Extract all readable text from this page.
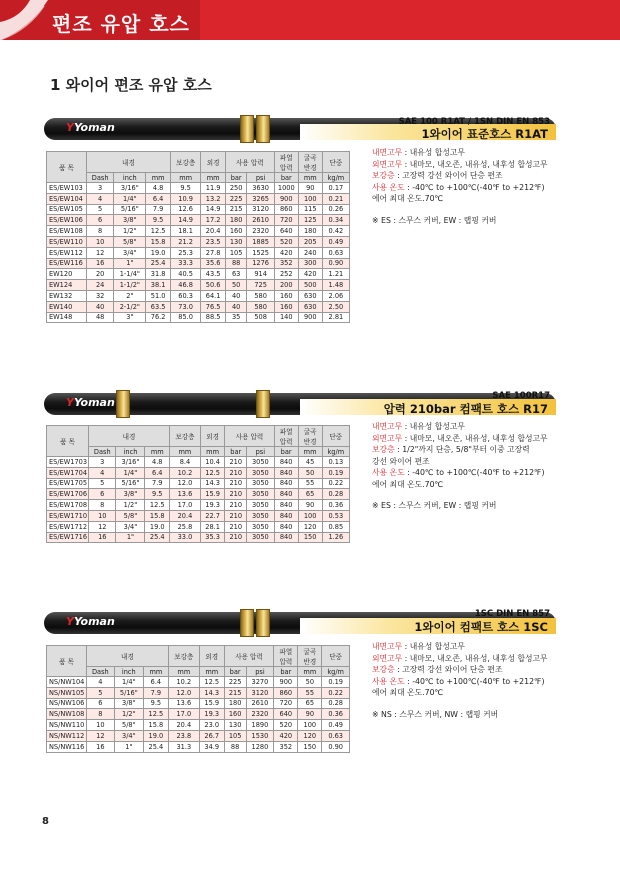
편조 유압 호스
1 와이어 편조 유압 호스
YYoman	SAE 100 R1AT / 1SN DIN EN 853
1와이어 표준호스 R1AT
품 목	내경			보강층	외경	사용 압력		파열 압력	굴곡 반경	단중
	Dash	inch	mm	mm	mm	bar	psi	bar	mm	kg/m
ES/EW103	3	3/16"	4.8	9.5	11.9	250	3630	1000	90	0.17
ES/EW104	4	1/4"	6.4	10.9	13.2	225	3265	900	100	0.21
ES/EW105	5	5/16"	7.9	12.6	14.9	215	3120	860	115	0.26
ES/EW106	6	3/8"	9.5	14.9	17.2	180	2610	720	125	0.34
ES/EW108	8	1/2"	12.5	18.1	20.4	160	2320	640	180	0.42
ES/EW110	10	5/8"	15.8	21.2	23.5	130	1885	520	205	0.49
ES/EW112	12	3/4"	19.0	25.3	27.8	105	1525	420	240	0.63
ES/EW116	16	1"	25.4	33.3	35.6	88	1276	352	300	0.90
EW120	20	1-1/4"	31.8	40.5	43.5	63	914	252	420	1.21
EW124	24	1-1/2"	38.1	46.8	50.6	50	725	200	500	1.48
EW132	32	2"	51.0	60.3	64.1	40	580	160	630	2.06
EW140	40	2-1/2"	63.5	73.0	76.5	40	580	160	630	2.50
EW148	48	3"	76.2	85.0	88.5	35	508	140	900	2.81
내면고무 : 내유성 합성고무
외면고무 : 내마모, 내오존, 내유성, 내후성 합성고무
보강층 : 고장력 강선 와이어 단층 편조
사용 온도 : -40℃ to +100℃(-40℉ to +212℉)
에어 최대 온도.70℃
※ ES : 스무스 커버, EW : 랩핑 커버
YYoman	SAE 100R17
압력 210bar 컴팩트 호스 R17
품 목	내경			보강층	외경	사용 압력		파열 압력	굴곡 반경	단중
	Dash	inch	mm	mm	mm	bar	psi	bar	mm	kg/m
ES/EW1703	3	3/16"	4.8	8.4	10.4	210	3050	840	45	0.13
ES/EW1704	4	1/4"	6.4	10.2	12.5	210	3050	840	50	0.19
ES/EW1705	5	5/16"	7.9	12.0	14.3	210	3050	840	55	0.22
ES/EW1706	6	3/8"	9.5	13.6	15.9	210	3050	840	65	0.28
ES/EW1708	8	1/2"	12.5	17.0	19.3	210	3050	840	90	0.36
ES/EW1710	10	5/8"	15.8	20.4	22.7	210	3050	840	100	0.53
ES/EW1712	12	3/4"	19.0	25.8	28.1	210	3050	840	120	0.85
ES/EW1716	16	1"	25.4	33.0	35.3	210	3050	840	150	1.26
내면고무 : 내유성 합성고무
외면고무 : 내마모, 내오존, 내유성, 내후성 합성고무
보강층 : 1/2"까지 단층, 5/8"부터 이중 고장력
강선 와이어 편조
사용 온도 : -40℃ to +100℃(-40℉ to +212℉)
에어 최대 온도.70℃
※ ES : 스무스 커버, EW : 랩핑 커버
YYoman
1SC DIN EN 857
1와이어 컴팩트 호스 1SC
품 목	내경			보강층	외경	사용 압력		파열 압력	굴곡 반경	단중
	Dash	inch	mm	mm	mm	bar	psi	bar	mm	kg/m
NS/NW104	4	1/4"	6.4	10.2	12.5	225	3270	900	50	0.19
NS/NW105	5	5/16"	7.9	12.0	14.3	215	3120	860	55	0.22
NS/NW106	6	3/8"	9.5	13.6	15.9	180	2610	720	65	0.28
NS/NW108	8	1/2"	12.5	17.0	19.3	160	2320	640	90	0.36
NS/NW110	10	5/8"	15.8	20.4	23.0	130	1890	520	100	0.49
NS/NW112	12	3/4"	19.0	23.8	26.7	105	1530	420	120	0.63
NS/NW116	16	1"	25.4	31.3	34.9	88	1280	352	150	0.90
내면고무 : 내유성 합성고무
외면고무 : 내마모, 내오존, 내유성, 내후성 합성고무
보강층 : 고장력 강선 와이어 단층 편조
사용 온도 : -40℃ to +100℃(-40℉ to +212℉)
에어 최대 온도.70℃
※ NS : 스무스 커버, NW : 랩핑 커버
8
